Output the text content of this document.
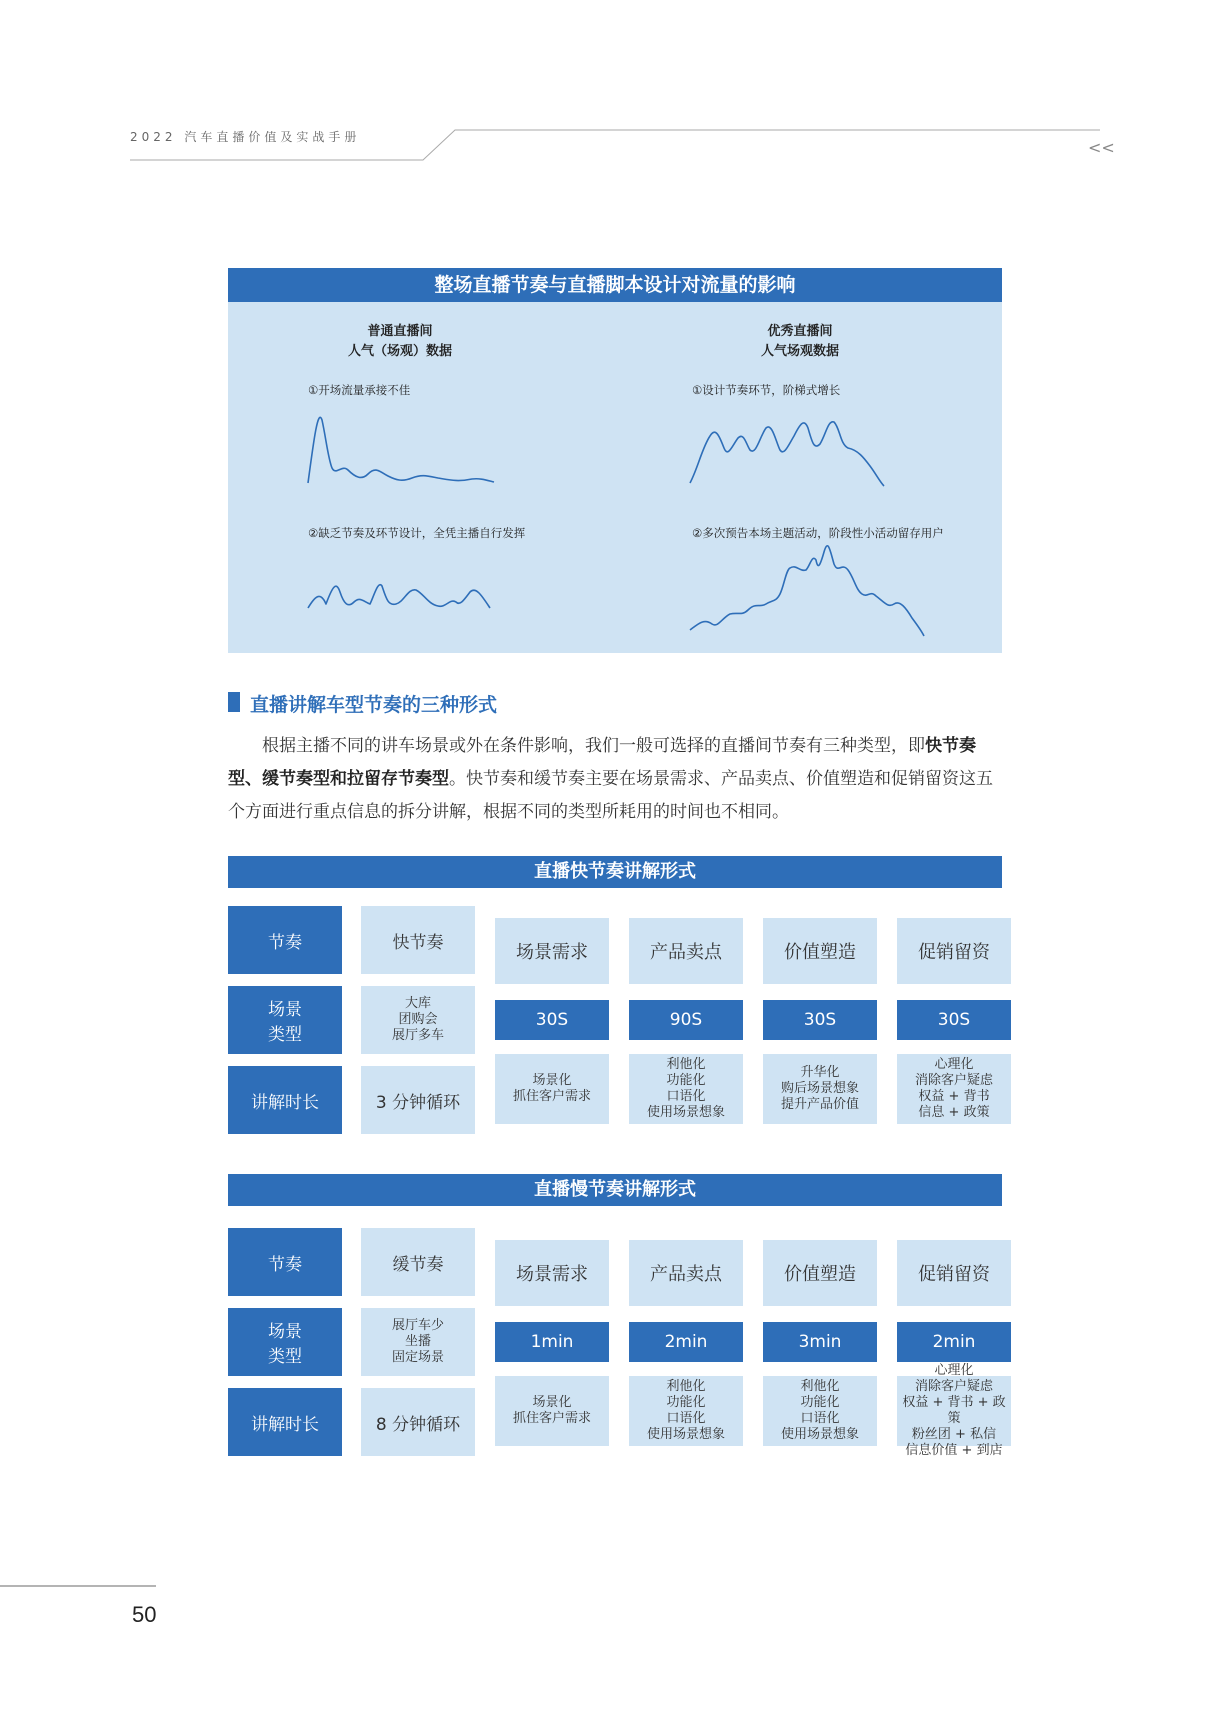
2022 汽车直播价值及实战手册
<<
整场直播节奏与直播脚本设计对流量的影响
普通直播间
人气（场观）数据
优秀直播间
人气场观数据
①开场流量承接不佳
②缺乏节奏及环节设计，全凭主播自行发挥
①设计节奏环节，阶梯式增长
②多次预告本场主题活动，阶段性小活动留存用户
直播讲解车型节奏的三种形式
根据主播不同的讲车场景或外在条件影响，我们一般可选择的直播间节奏有三种类型，即快节奏型、缓节奏型和拉留存节奏型。快节奏和缓节奏主要在场景需求、产品卖点、价值塑造和促销留资这五个方面进行重点信息的拆分讲解，根据不同的类型所耗用的时间也不相同。
直播快节奏讲解形式
节奏
场景
类型
讲解时长
快节奏
大库
团购会
展厅多车
3 分钟循环
场景需求
30S
场景化
抓住客户需求
产品卖点
90S
利他化
功能化
口语化
使用场景想象
价值塑造
30S
升华化
购后场景想象
提升产品价值
促销留资
30S
心理化
消除客户疑虑
权益 + 背书
信息 + 政策
直播慢节奏讲解形式
节奏
场景
类型
讲解时长
缓节奏
展厅车少
坐播
固定场景
8 分钟循环
场景需求
1min
场景化
抓住客户需求
产品卖点
2min
利他化
功能化
口语化
使用场景想象
价值塑造
3min
利他化
功能化
口语化
使用场景想象
促销留资
2min
心理化
消除客户疑虑
权益 + 背书 + 政策
粉丝团 + 私信
信息价值 + 到店
50
